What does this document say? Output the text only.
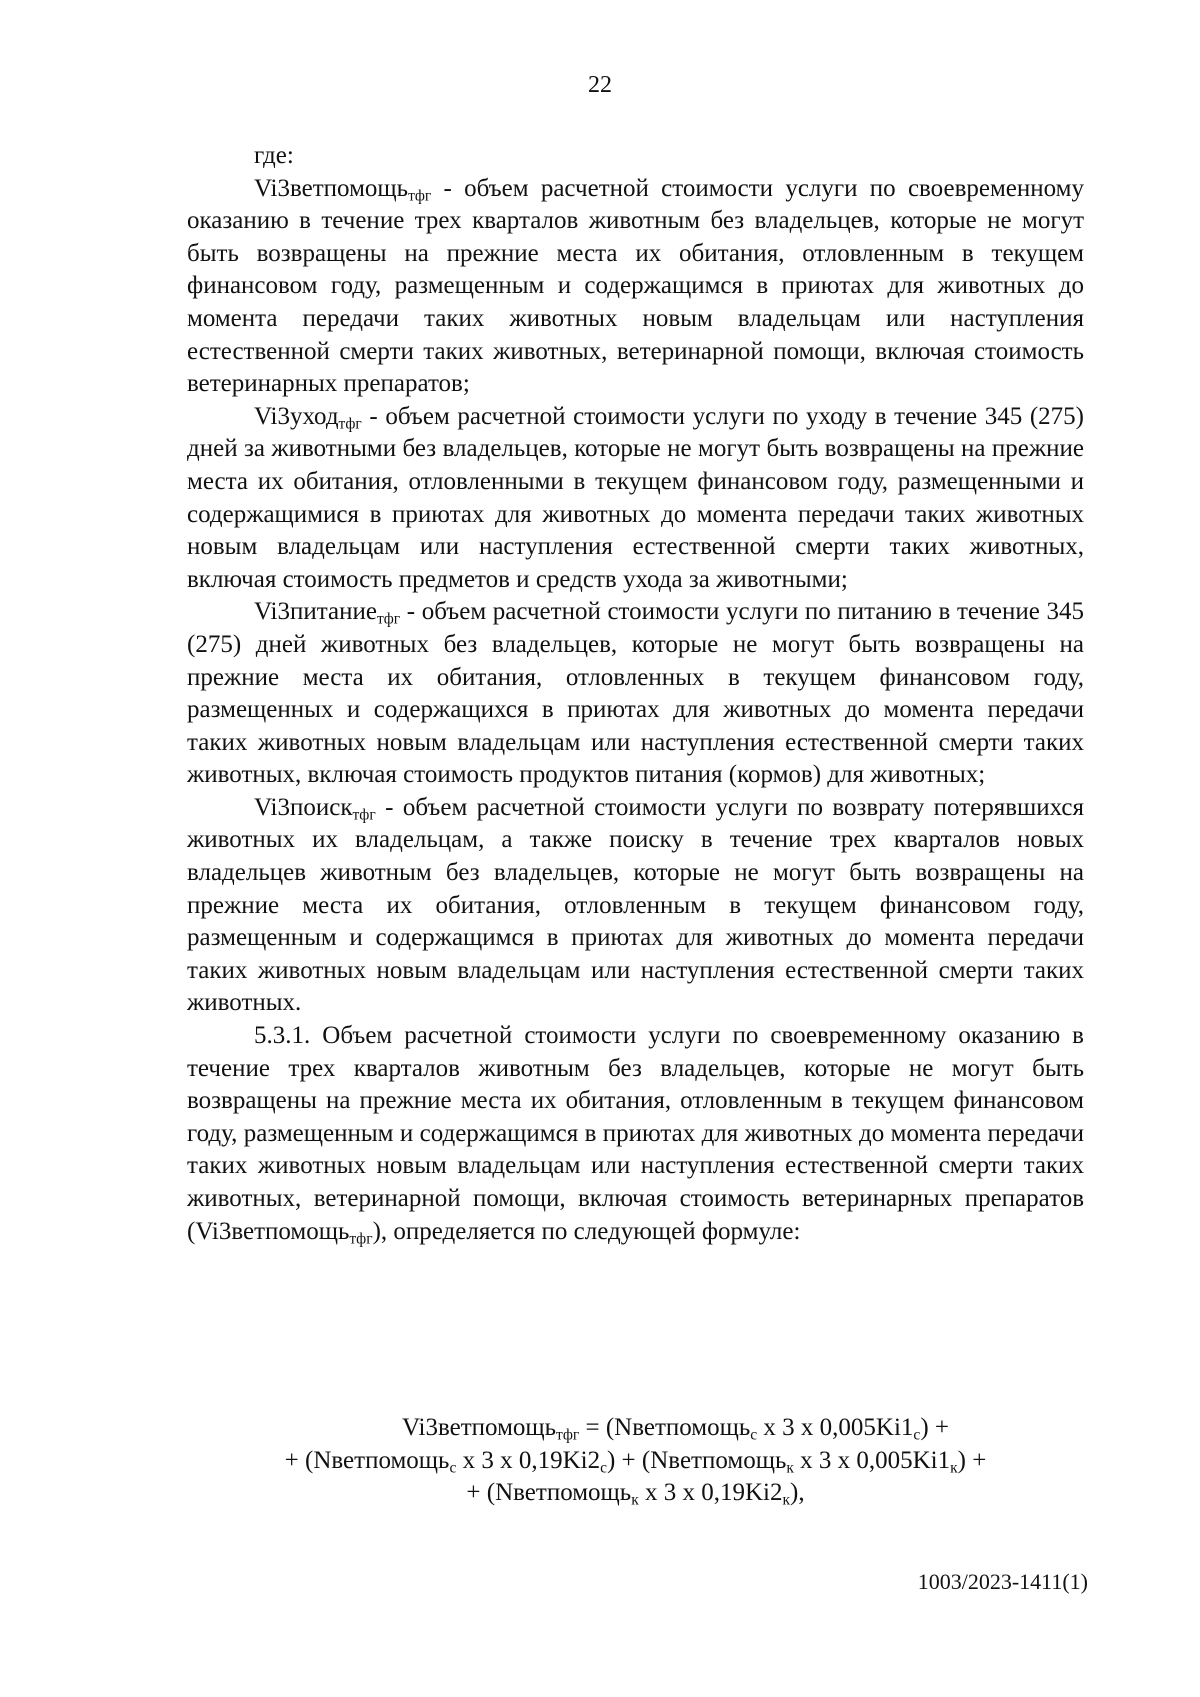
22

где:

Vi3ветпомощь$_{тфг}$ - объем расчетной стоимости услуги по своевременному оказанию в течение трех кварталов животным без владельцев, которые не могут быть возвращены на прежние места их обитания, отловленным в текущем финансовом году, размещенным и содержащимся в приютах для животных до момента передачи таких животных новым владельцам или наступления естественной смерти таких животных, ветеринарной помощи, включая стоимость ветеринарных препаратов;

Vi3уход$_{тфг}$ - объем расчетной стоимости услуги по уходу в течение 345 (275) дней за животными без владельцев, которые не могут быть возвращены на прежние места их обитания, отловленными в текущем финансовом году, размещенными и содержащимися в приютах для животных до момента передачи таких животных новым владельцам или наступления естественной смерти таких животных, включая стоимость предметов и средств ухода за животными;

Vi3питание$_{тфг}$ - объем расчетной стоимости услуги по питанию в течение 345 (275) дней животных без владельцев, которые не могут быть возвращены на прежние места их обитания, отловленных в текущем финансовом году, размещенных и содержащихся в приютах для животных до момента передачи таких животных новым владельцам или наступления естественной смерти таких животных, включая стоимость продуктов питания (кормов) для животных;

Vi3поиск$_{тфг}$ - объем расчетной стоимости услуги по возврату потерявшихся животных их владельцам, а также поиску в течение трех кварталов новых владельцев животным без владельцев, которые не могут быть возвращены на прежние места их обитания, отловленным в текущем финансовом году, размещенным и содержащимся в приютах для животных до момента передачи таких животных новым владельцам или наступления естественной смерти таких животных.

5.3.1. Объем расчетной стоимости услуги по своевременному оказанию в течение трех кварталов животным без владельцев, которые не могут быть возвращены на прежние места их обитания, отловленным в текущем финансовом году, размещенным и содержащимся в приютах для животных до момента передачи таких животных новым владельцам или наступления естественной смерти таких животных, ветеринарной помощи, включая стоимость ветеринарных препаратов (Vi3ветпомощь$_{тфг}$), определяется по следующей формуле:

Vi3ветпомощь$_{тфг}$ = (Nветпомощь$_с$ x 3 x $0,005Ki1_с$) +
+ (Nветпомощь$_с$ x 3 x $0,19Ki2_с$) + (Nветпомощь$_к$ x 3 x $0,005Ki1_к$) +
+ (Nветпомощь$_к$ x 3 x $0,19Ki2_к$),
1003/2023-1411(1)
